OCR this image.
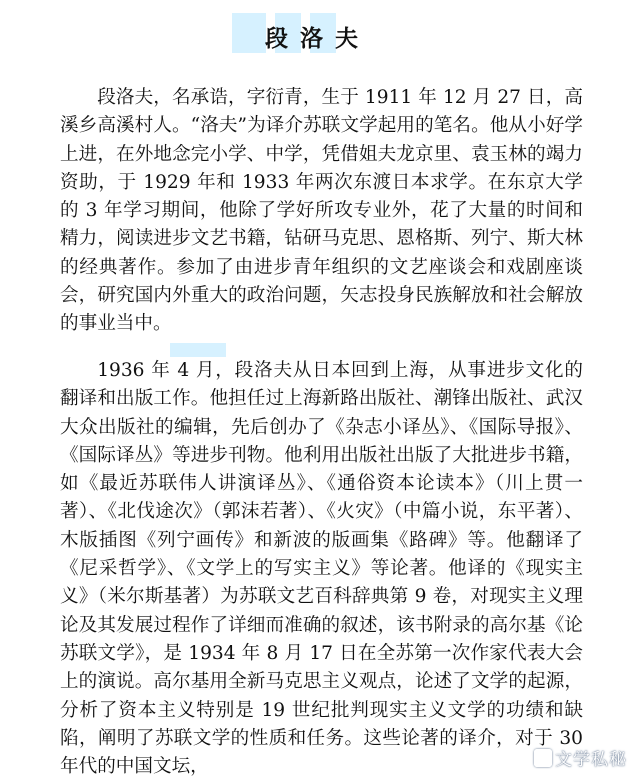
段洛夫

段洛夫，名承诰，字衍青，生于 1911 年 12 月 27 日，高溪乡高溪村人。“洛夫”为译介苏联文学起用的笔名。他从小好学上进，在外地念完小学、中学，凭借姐夫龙京里、袁玉林的竭力资助，于 1929 年和 1933 年两次东渡日本求学。在东京大学的 3 年学习期间，他除了学好所攻专业外，花了大量的时间和精力，阅读进步文艺书籍，钻研马克思、恩格斯、列宁、斯大林的经典著作。参加了由进步青年组织的文艺座谈会和戏剧座谈会，研究国内外重大的政治问题，矢志投身民族解放和社会解放的事业当中。

1936 年 4 月，段洛夫从日本回到上海，从事进步文化的翻译和出版工作。他担任过上海新路出版社、潮锋出版社、武汉大众出版社的编辑，先后创办了《杂志小译丛》、《国际导报》、《国际译丛》等进步刊物。他利用出版社出版了大批进步书籍，如《最近苏联伟人讲演译丛》、《通俗资本论读本》（川上贯一著）、《北伐途次》（郭沫若著）、《火灾》（中篇小说，东平著）、木版插图《列宁画传》和新波的版画集《路碑》等。他翻译了《尼采哲学》、《文学上的写实主义》等论著。他译的《现实主义》（米尔斯基著）为苏联文艺百科辞典第 9 卷，对现实主义理论及其发展过程作了详细而准确的叙述，该书附录的高尔基《论苏联文学》，是 1934 年 8 月 17 日在全苏第一次作家代表大会上的演说。高尔基用全新马克思主义观点，论述了文学的起源，分析了资本主义特别是 19 世纪批判现实主义文学的功绩和缺陷，阐明了苏联文学的性质和任务。这些论著的译介，对于 30 年代的中国文坛，	文学私秘
